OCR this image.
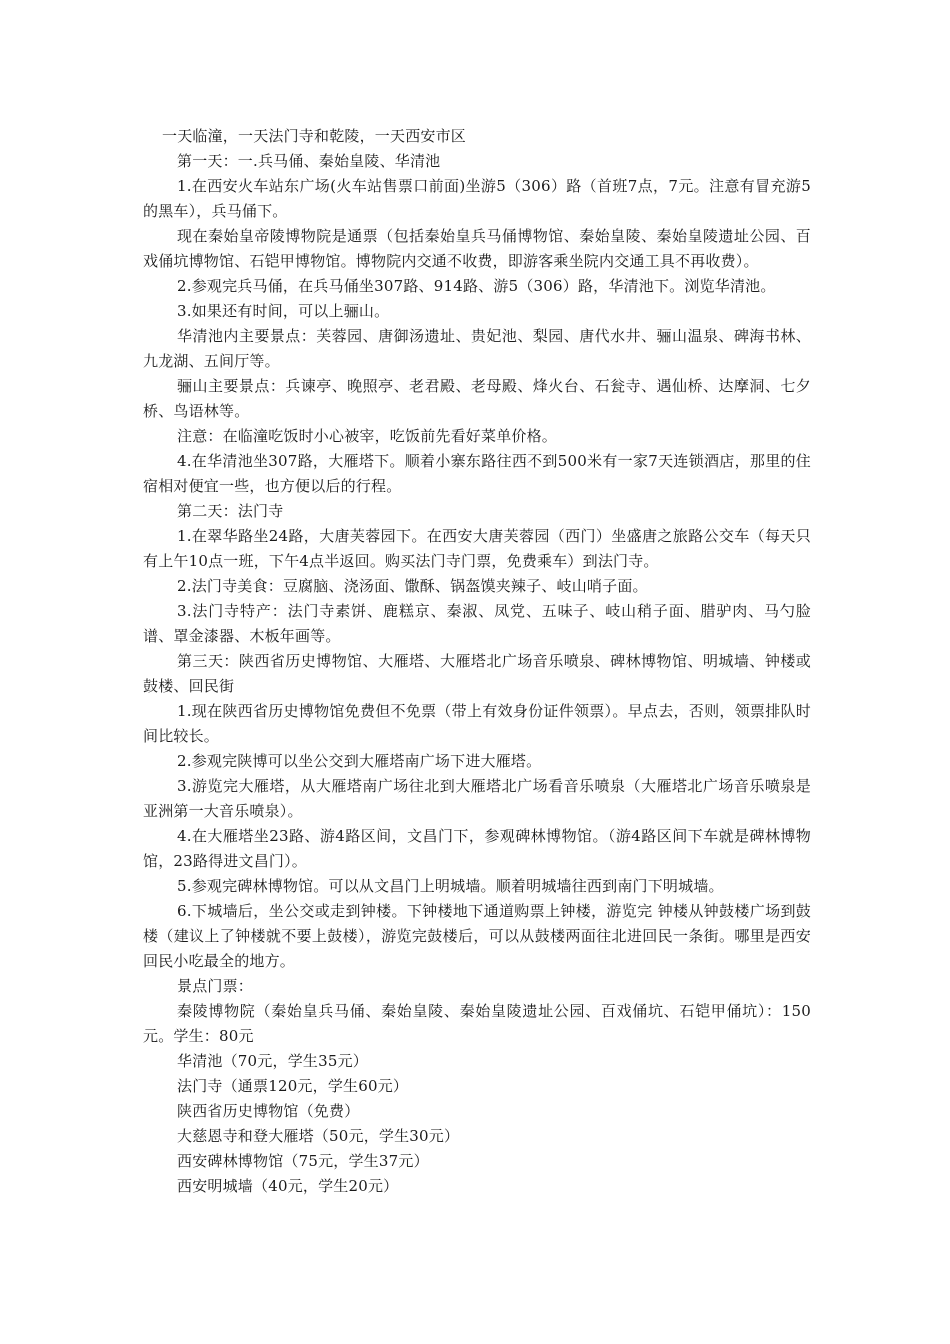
一天临潼，一天法门寺和乾陵，一天西安市区

第一天：一.兵马俑、秦始皇陵、华清池

1.在西安火车站东广场(火车站售票口前面)坐游5（306）路（首班7点，7元。注意有冒充游5的黑车），兵马俑下。

现在秦始皇帝陵博物院是通票（包括秦始皇兵马俑博物馆、秦始皇陵、秦始皇陵遗址公园、百戏俑坑博物馆、石铠甲博物馆。博物院内交通不收费，即游客乘坐院内交通工具不再收费）。

2.参观完兵马俑，在兵马俑坐307路、914路、游5（306）路，华清池下。浏览华清池。

3.如果还有时间，可以上骊山。

华清池内主要景点：芙蓉园、唐御汤遗址、贵妃池、梨园、唐代水井、骊山温泉、碑海书林、九龙湖、五间厅等。

骊山主要景点：兵谏亭、晚照亭、老君殿、老母殿、烽火台、石瓮寺、遇仙桥、达摩洞、七夕桥、鸟语林等。

注意：在临潼吃饭时小心被宰，吃饭前先看好菜单价格。

4.在华清池坐307路，大雁塔下。顺着小寨东路往西不到500米有一家7天连锁酒店，那里的住宿相对便宜一些，也方便以后的行程。

第二天：法门寺

1.在翠华路坐24路，大唐芙蓉园下。在西安大唐芙蓉园（西门）坐盛唐之旅路公交车（每天只有上午10点一班，下午4点半返回。购买法门寺门票，免费乘车）到法门寺。

2.法门寺美食：豆腐脑、浇汤面、馓酥、锅盔馍夹辣子、岐山哨子面。

3.法门寺特产：法门寺素饼、鹿糕京、秦淑、凤党、五味子、岐山稍子面、腊驴肉、马勺脸谱、罩金漆器、木板年画等。

第三天：陕西省历史博物馆、大雁塔、大雁塔北广场音乐喷泉、碑林博物馆、明城墙、钟楼或鼓楼、回民街

1.现在陕西省历史博物馆免费但不免票（带上有效身份证件领票）。早点去，否则，领票排队时间比较长。

2.参观完陕博可以坐公交到大雁塔南广场下进大雁塔。

3.游览完大雁塔，从大雁塔南广场往北到大雁塔北广场看音乐喷泉（大雁塔北广场音乐喷泉是亚洲第一大音乐喷泉）。

4.在大雁塔坐23路、游4路区间，文昌门下，参观碑林博物馆。（游4路区间下车就是碑林博物馆，23路得进文昌门）。

5.参观完碑林博物馆。可以从文昌门上明城墙。顺着明城墙往西到南门下明城墙。

6.下城墙后，坐公交或走到钟楼。下钟楼地下通道购票上钟楼，游览完 钟楼从钟鼓楼广场到鼓楼（建议上了钟楼就不要上鼓楼），游览完鼓楼后，可以从鼓楼两面往北进回民一条街。哪里是西安回民小吃最全的地方。

景点门票：

秦陵博物院（秦始皇兵马俑、秦始皇陵、秦始皇陵遗址公园、百戏俑坑、石铠甲俑坑）：150元。学生：80元

华清池（70元，学生35元）

法门寺（通票120元，学生60元）

陕西省历史博物馆（免费）

大慈恩寺和登大雁塔（50元，学生30元）

西安碑林博物馆（75元，学生37元）

西安明城墙（40元，学生20元）
